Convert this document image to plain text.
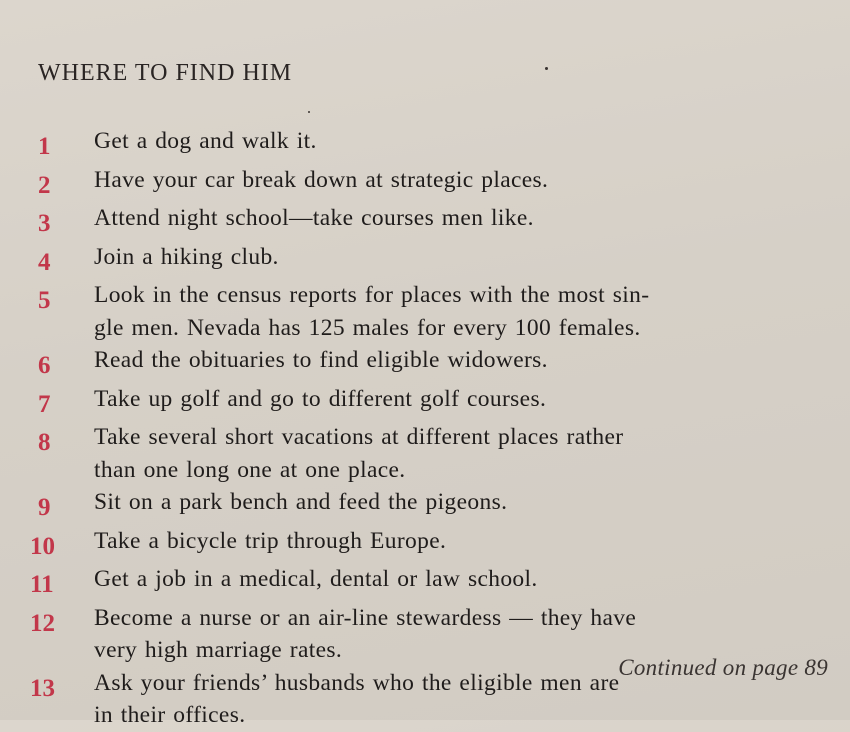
WHERE TO FIND HIM
1	Get a dog and walk it.
2	Have your car break down at strategic places.
3	Attend night school—take courses men like.
4	Join a hiking club.
5	Look in the census reports for places with the most sin-
gle men. Nevada has 125 males for every 100 females.
6	Read the obituaries to find eligible widowers.
7	Take up golf and go to different golf courses.
8	Take several short vacations at different places rather
than one long one at one place.
9	Sit on a park bench and feed the pigeons.
10	Take a bicycle trip through Europe.
11	Get a job in a medical, dental or law school.
12	Become a nurse or an air-line stewardess — they have
very high marriage rates.
13	Ask your friends’ husbands who the eligible men are
in their offices.
Continued on page 89
